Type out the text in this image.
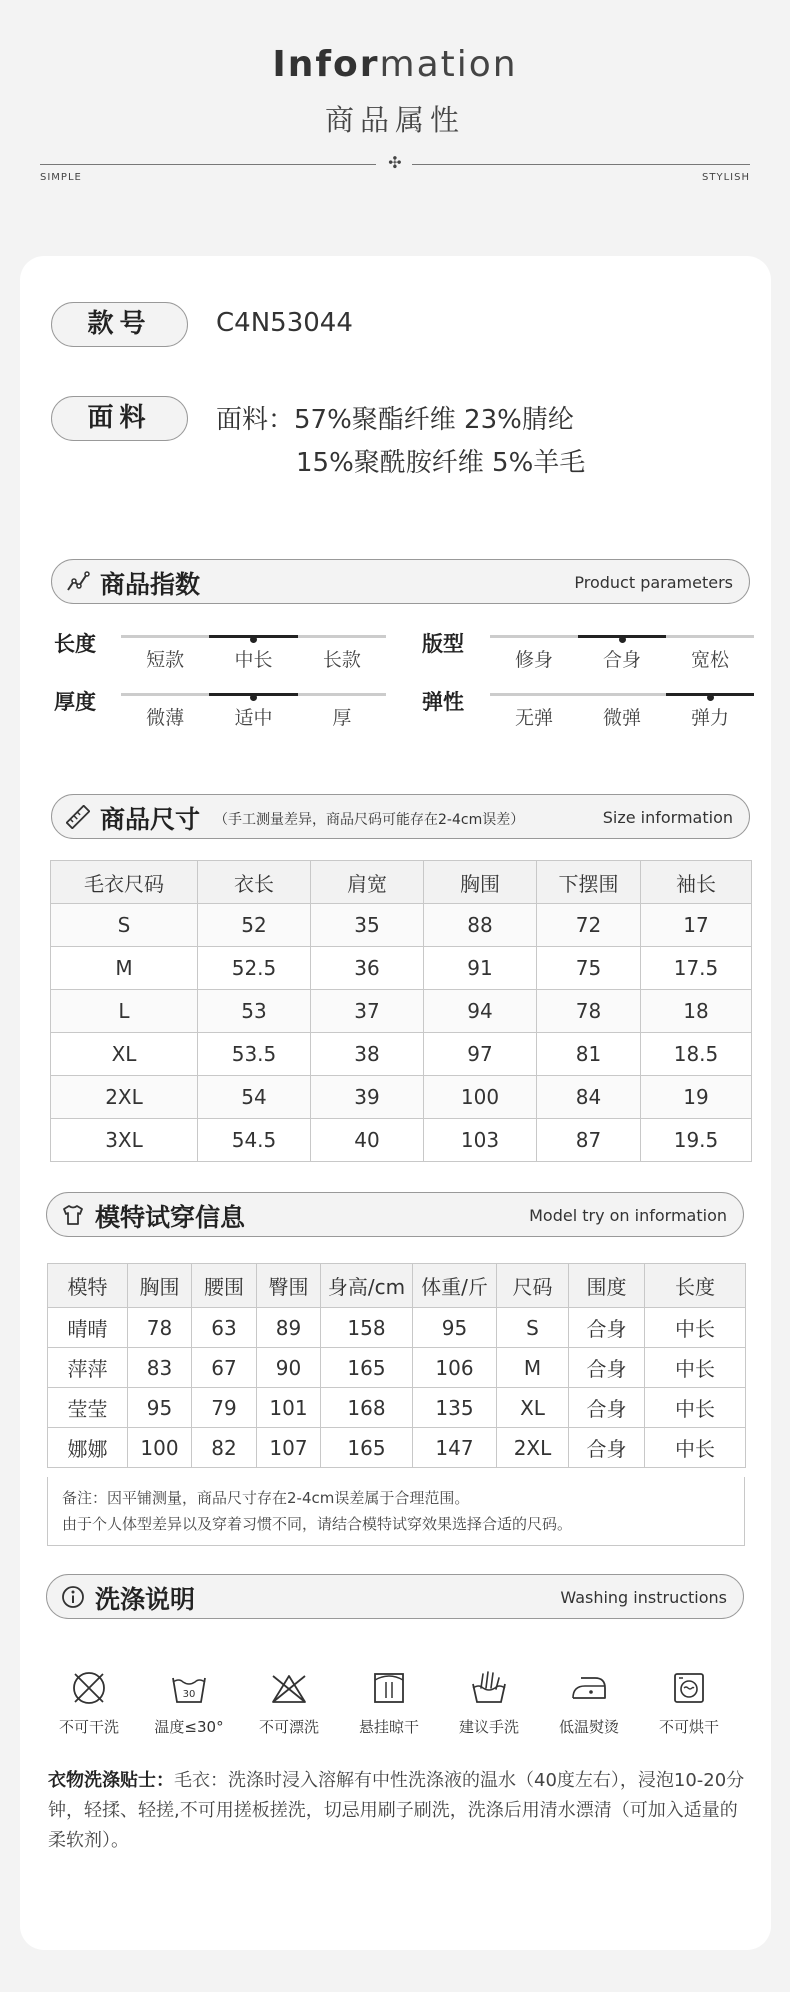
Information
商品属性
✣
SIMPLE	STYLISH
款号	C4N53044
面料	面料：57%聚酯纤维 23%腈纶
15%聚酰胺纤维 5%羊毛
商品指数	Product parameters
长度
短款	中长	长款
版型
修身	合身	宽松
厚度
微薄	适中	厚
弹性
无弹	微弹	弹力
商品尺寸 （手工测量差异，商品尺码可能存在2-4cm误差）	Size information
毛衣尺码	衣长	肩宽	胸围	下摆围	袖长
S	52	35	88	72	17
M	52.5	36	91	75	17.5
L	53	37	94	78	18
XL	53.5	38	97	81	18.5
2XL	54	39	100	84	19
3XL	54.5	40	103	87	19.5
模特试穿信息	Model try on information
模特	胸围	腰围	臀围	身高/cm	体重/斤	尺码	围度	长度
晴晴	78	63	89	158	95	S	合身	中长
萍萍	83	67	90	165	106	M	合身	中长
莹莹	95	79	101	168	135	XL	合身	中长
娜娜	100	82	107	165	147	2XL	合身	中长
备注：因平铺测量，商品尺寸存在2-4cm误差属于合理范围。
由于个人体型差异以及穿着习惯不同，请结合模特试穿效果选择合适的尺码。
洗涤说明	Washing instructions
不可干洗
30
温度≤30°	不可漂洗	悬挂晾干	建议手洗	低温熨烫	不可烘干
衣物洗涤贴士：毛衣：洗涤时浸入溶解有中性洗涤液的温水（40度左右），浸泡10-20分钟，轻揉、轻搓,不可用搓板搓洗，切忌用刷子刷洗，洗涤后用清水漂清（可加入适量的柔软剂）。
